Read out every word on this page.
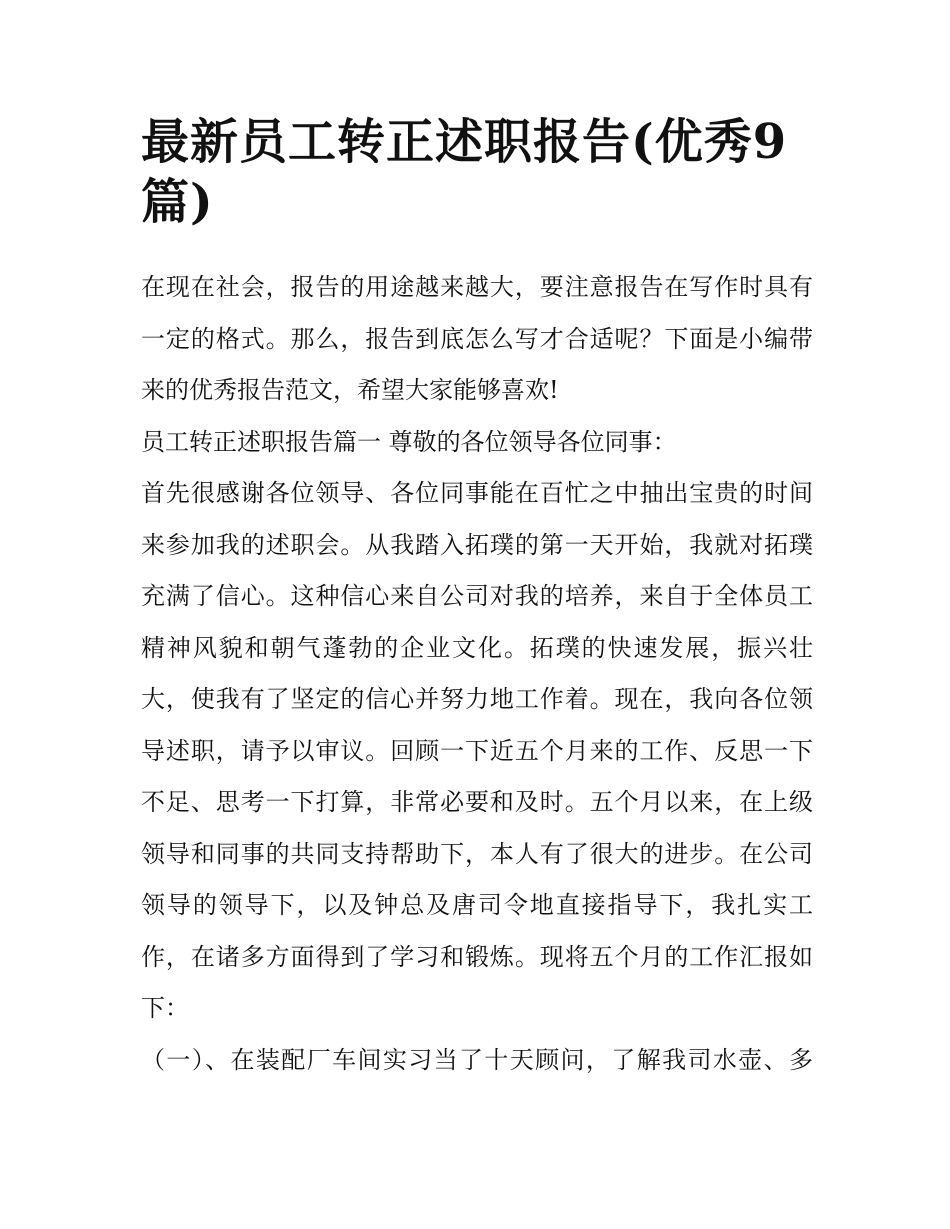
最新员工转正述职报告(优秀9
篇)
在现在社会，报告的用途越来越大，要注意报告在写作时具有
一定的格式。那么，报告到底怎么写才合适呢？下面是小编带
来的优秀报告范文，希望大家能够喜欢!
员工转正述职报告篇一 尊敬的各位领导各位同事：
首先很感谢各位领导、各位同事能在百忙之中抽出宝贵的时间
来参加我的述职会。从我踏入拓璞的第一天开始，我就对拓璞
充满了信心。这种信心来自公司对我的培养，来自于全体员工
精神风貌和朝气蓬勃的企业文化。拓璞的快速发展，振兴壮
大，使我有了坚定的信心并努力地工作着。现在，我向各位领
导述职，请予以审议。回顾一下近五个月来的工作、反思一下
不足、思考一下打算，非常必要和及时。五个月以来，在上级
领导和同事的共同支持帮助下，本人有了很大的进步。在公司
领导的领导下，以及钟总及唐司令地直接指导下，我扎实工
作，在诸多方面得到了学习和锻炼。现将五个月的工作汇报如
下：
（一）、在装配厂车间实习当了十天顾问，了解我司水壶、多
